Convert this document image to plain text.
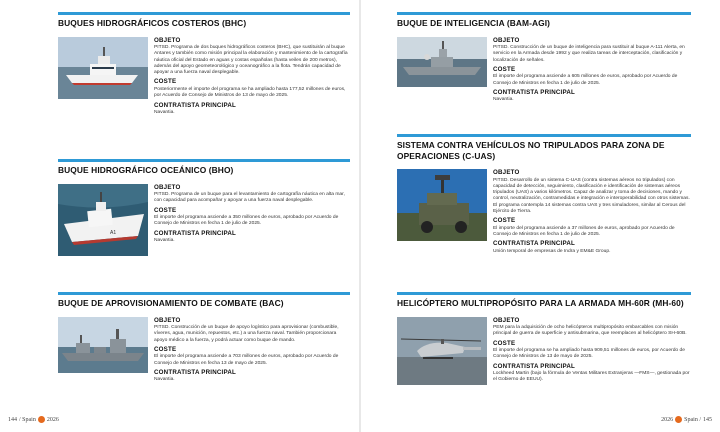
BUQUES HIDROGRÁFICOS COSTEROS (BHC)
OBJETO
PITSD. Programa de dos buques hidrográficos costeros (BHC), que sustituirán al buque Antares y también como misión principal la elaboración y mantenimiento de la cartografía náutica oficial del Estado en aguas y costas españolas (hasta veiles de 200 metros), además del apoyo geometeorológico y oceanográfico a la flota. Tendrán capacidad de apoyar a una fuerza naval desplegable.
COSTE
Posteriormente el importe del programa se ha ampliado hasta 177,52 millones de euros, por Acuerdo de Consejo de Ministros de 13 de mayo de 2025.
CONTRATISTA PRINCIPAL
Navantia.
BUQUE HIDROGRÁFICO OCEÁNICO (BHO)
A1
OBJETO
PITSD. Programa de un buque para el levantamiento de cartografía náutica en alta mar, con capacidad para acompañar y apoyar a una fuerza naval desplegable.
COSTE
El importe del programa asciende a 350 millones de euros, aprobado por Acuerdo de Consejo de Ministros en fecha 1 de julio de 2025.
CONTRATISTA PRINCIPAL
Navantia.
BUQUE DE APROVISIONAMIENTO DE COMBATE (BAC)
OBJETO
PITSD. Construcción de un buque de apoyo logístico para aprovisionar (combustible, víveres, agua, munición, repuestos, etc.) a una fuerza naval. También proporcionara apoyo médico a la fuerza, y podrá actuar como buque de mando.
COSTE
El importe del programa asciende a 703 millones de euros, aprobado por Acuerdo de Consejo de Ministros en fecha 13 de mayo de 2025.
CONTRATISTA PRINCIPAL
Navantia.
144 / Spain 2026
BUQUE DE INTELIGENCIA (BAM-AGI)
OBJETO
PITSD. Construcción de un buque de inteligencia para sustituir al buque A-111 Alerta, en servicio en la Armada desde 1992 y que realiza tareas de interceptación, clasificación y localización de señales.
COSTE
El importe del programa asciende a 605 millones de euros, aprobado por Acuerdo de Consejo de Ministros en fecha 1 de julio de 2025.
CONTRATISTA PRINCIPAL
Navantia.
SISTEMA CONTRA VEHÍCULOS NO TRIPULADOS PARA ZONA DE OPERACIONES (C-UAS)
OBJETO
PITSD. Desarrollo de un sistema C-UAS (contra sistemas aéreos no tripulados) con capacidad de detección, seguimiento, clasificación e identificación de sistemas aéreos tripulados (UAS) a varios kilómetros. Capaz de analizar y toma de decisiones, mando y control, neutralización, contramedidas e integración e interoperabilidad con otros sistemas. El programa contempla 14 sistemas contra UAS y tres simuladores, similar al Cerous del Ejército de Tierra.
COSTE
El importe del programa asciende a 37 millones de euros, aprobado por Acuerdo de Consejo de Ministros en fecha 1 de julio de 2025.
CONTRATISTA PRINCIPAL
Unión temporal de empresas de Indra y EM&E Group.
HELICÓPTERO MULTIPROPÓSITO PARA LA ARMADA MH-60R (MH-60)
OBJETO
PEM para la adquisición de ocho helicópteros multipropósito embarcables con misión principal de guerra de superficie y antisubmarina, que reemplacen al helicóptero SH-60B.
COSTE
El importe del programa se ha ampliado hasta 909,51 millones de euros, por Acuerdo de Consejo de Ministros de 13 de mayo de 2025.
CONTRATISTA PRINCIPAL
Lockheed Martin (bajo la fórmula de Ventas Militares Extranjeras —FMS—, gestionada por el Gobierno de EEUU).
2026 Spain / 145
